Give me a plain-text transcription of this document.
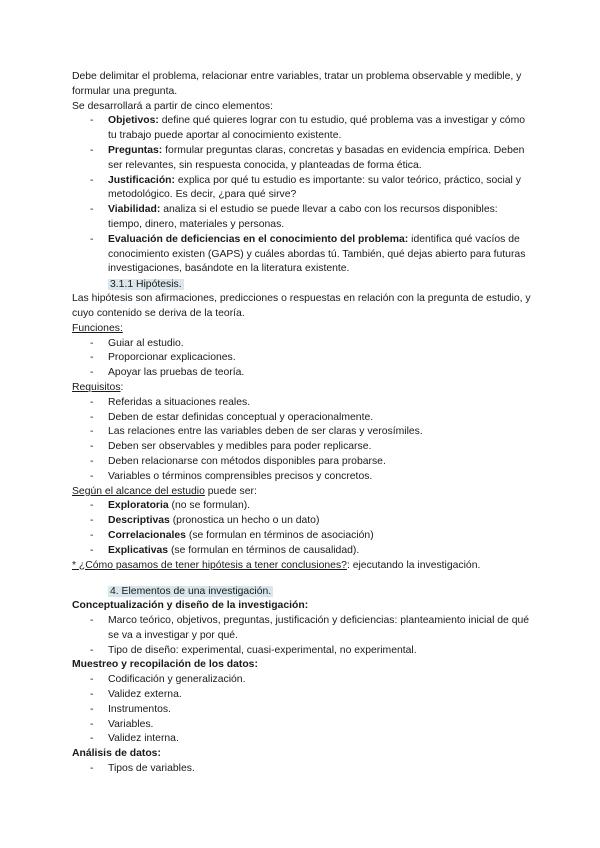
Debe delimitar el problema, relacionar entre variables, tratar un problema observable y medible, y formular una pregunta.

Se desarrollará a partir de cinco elementos:

- Objetivos: define qué quieres lograr con tu estudio, qué problema vas a investigar y cómo tu trabajo puede aportar al conocimiento existente.
- Preguntas: formular preguntas claras, concretas y basadas en evidencia empírica. Deben ser relevantes, sin respuesta conocida, y planteadas de forma ética.
- Justificación: explica por qué tu estudio es importante: su valor teórico, práctico, social y metodológico. Es decir, ¿para qué sirve?
- Viabilidad: analiza si el estudio se puede llevar a cabo con los recursos disponibles: tiempo, dinero, materiales y personas.
- Evaluación de deficiencias en el conocimiento del problema: identifica qué vacíos de conocimiento existen (GAPS) y cuáles abordas tú. También, qué dejas abierto para futuras investigaciones, basándote en la literatura existente.

3.1.1 Hipótesis.

Las hipótesis son afirmaciones, predicciones o respuestas en relación con la pregunta de estudio, y cuyo contenido se deriva de la teoría.

Funciones:

- Guiar al estudio.
- Proporcionar explicaciones.
- Apoyar las pruebas de teoría.

Requisitos:

- Referidas a situaciones reales.
- Deben de estar definidas conceptual y operacionalmente.
- Las relaciones entre las variables deben de ser claras y verosímiles.
- Deben ser observables y medibles para poder replicarse.
- Deben relacionarse con métodos disponibles para probarse.
- Variables o términos comprensibles precisos y concretos.

Según el alcance del estudio puede ser:

- Exploratoria (no se formulan).
- Descriptivas (pronostica un hecho o un dato)
- Correlacionales (se formulan en términos de asociación)
- Explicativas (se formulan en términos de causalidad).

* ¿Cómo pasamos de tener hipótesis a tener conclusiones?: ejecutando la investigación.

4. Elementos de una investigación.

Conceptualización y diseño de la investigación:

- Marco teórico, objetivos, preguntas, justificación y deficiencias: planteamiento inicial de qué se va a investigar y por qué.
- Tipo de diseño: experimental, cuasi-experimental, no experimental.

Muestreo y recopilación de los datos:

- Codificación y generalización.
- Validez externa.
- Instrumentos.
- Variables.
- Validez interna.

Análisis de datos:

- Tipos de variables.
